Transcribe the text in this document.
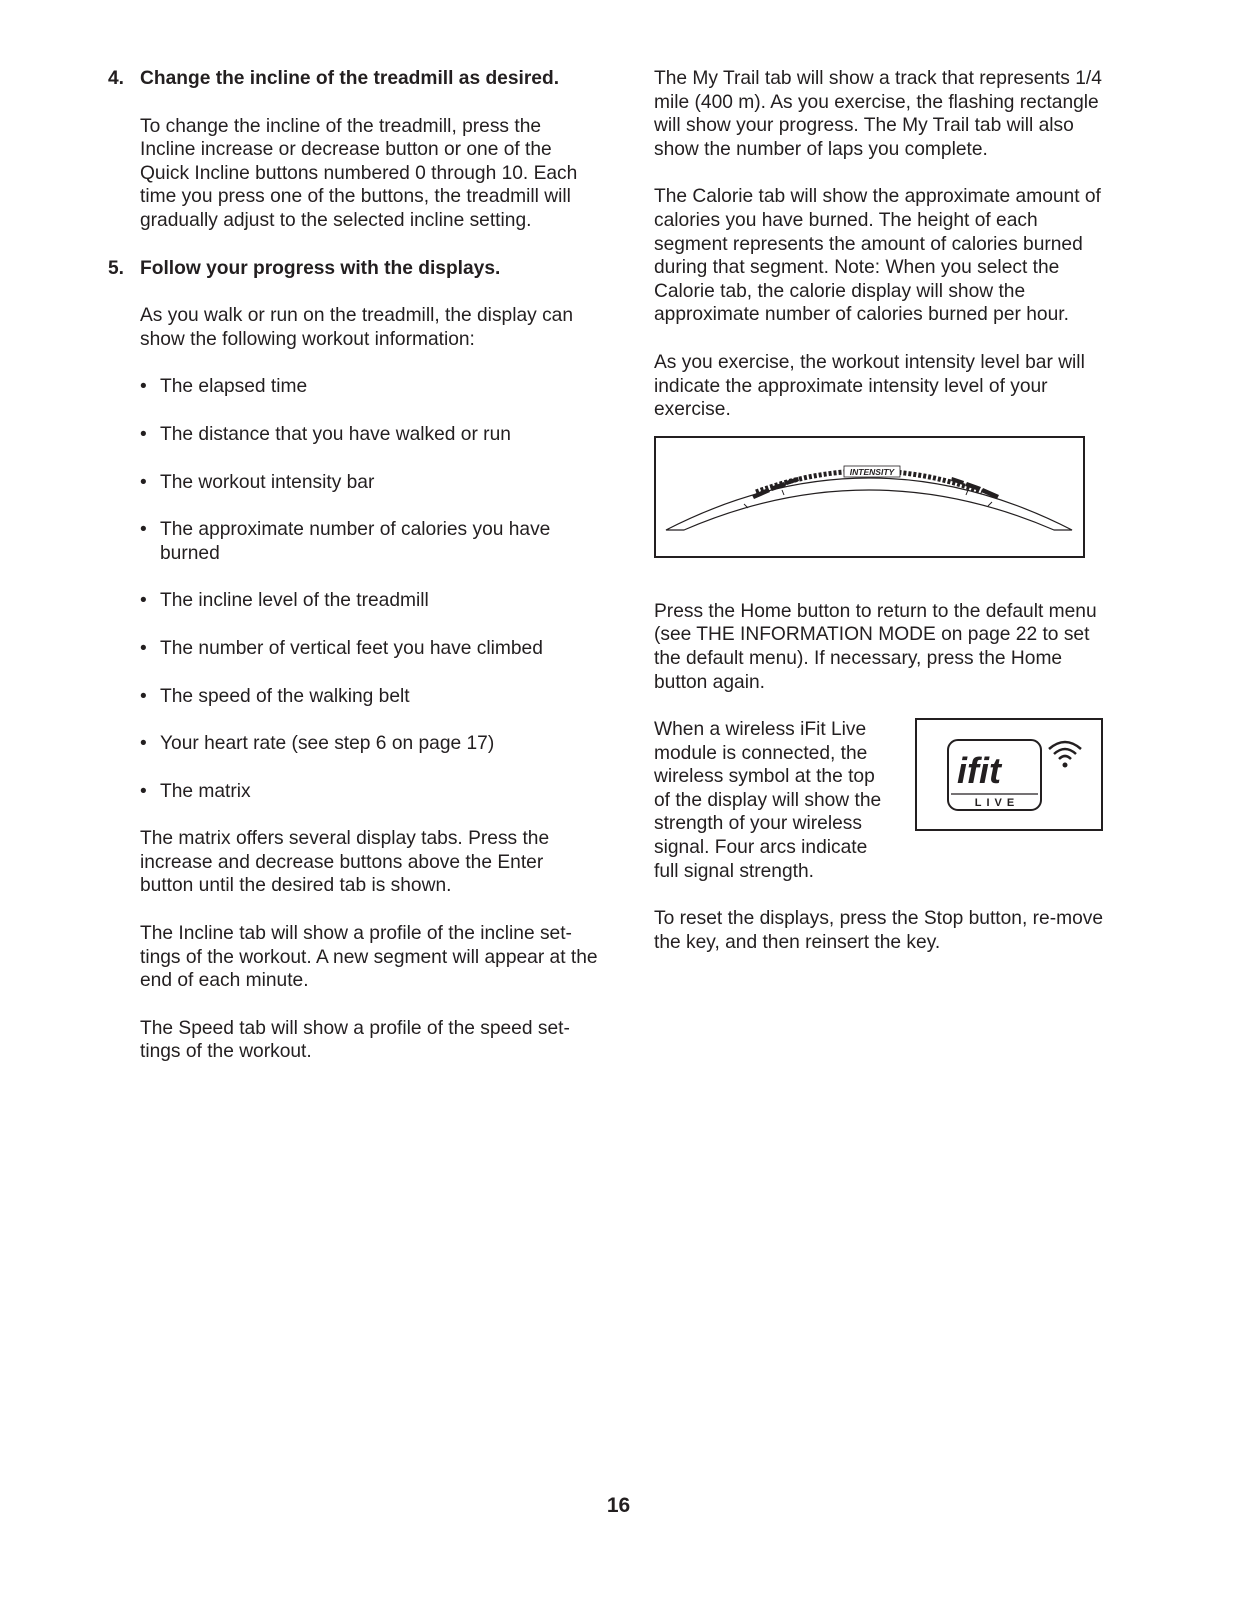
4. Change the incline of the treadmill as desired.

To change the incline of the treadmill, press the Incline increase or decrease button or one of the Quick Incline buttons numbered 0 through 10. Each time you press one of the buttons, the treadmill will gradually adjust to the selected incline setting.

5. Follow your progress with the displays.

As you walk or run on the treadmill, the display can show the following workout information:

• The elapsed time
• The distance that you have walked or run
• The workout intensity bar
• The approximate number of calories you have burned
• The incline level of the treadmill
• The number of vertical feet you have climbed
• The speed of the walking belt
• Your heart rate (see step 6 on page 17)
• The matrix

The matrix offers several display tabs. Press the increase and decrease buttons above the Enter button until the desired tab is shown.

The Incline tab will show a profile of the incline set-tings of the workout. A new segment will appear at the end of each minute.

The Speed tab will show a profile of the speed set-tings of the workout.

The My Trail tab will show a track that represents 1/4 mile (400 m). As you exercise, the flashing rectangle will show your progress. The My Trail tab will also show the number of laps you complete.

The Calorie tab will show the approximate amount of calories you have burned. The height of each segment represents the amount of calories burned during that segment. Note: When you select the Calorie tab, the calorie display will show the approximate number of calories burned per hour.

As you exercise, the workout intensity level bar will indicate the approximate intensity level of your exercise.

INTENSITY

Press the Home button to return to the default menu (see THE INFORMATION MODE on page 22 to set the default menu). If necessary, press the Home button again.

When a wireless iFit Live module is connected, the wireless symbol at the top of the display will show the strength of your wireless signal. Four arcs indicate full signal strength.

ifit
LIVE

To reset the displays, press the Stop button, re-move the key, and then reinsert the key.

16
